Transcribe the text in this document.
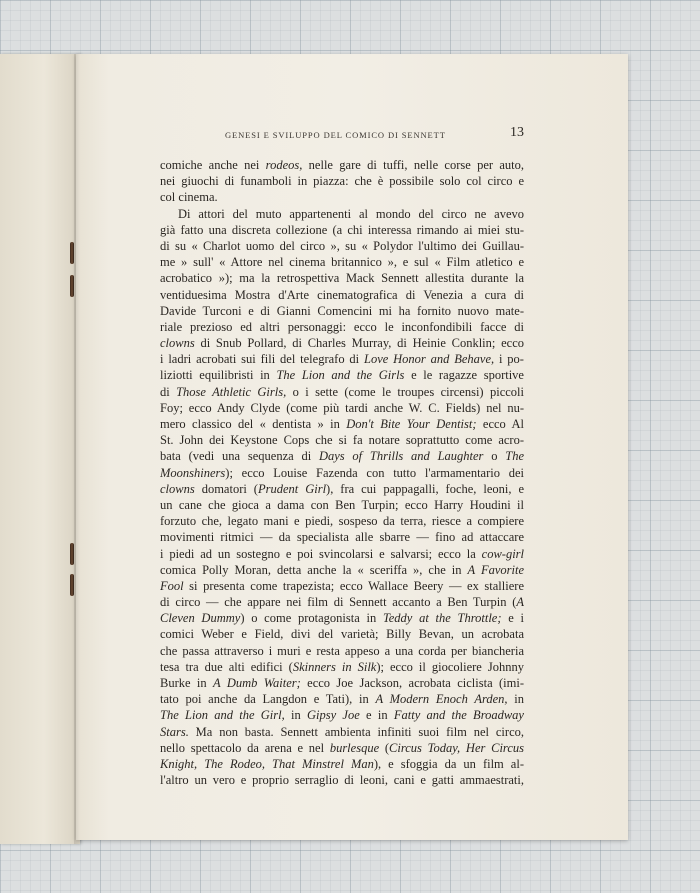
GENESI E SVILUPPO DEL COMICO DI SENNETT	13
comiche anche nei rodeos, nelle gare di tuffi, nelle corse per auto,
nei giuochi di funamboli in piazza: che è possibile solo col circo e
col cinema.
Di attori del muto appartenenti al mondo del circo ne avevo
già fatto una discreta collezione (a chi interessa rimando ai miei stu-
di su « Charlot uomo del circo », su « Polydor l'ultimo dei Guillau-
me » sull' « Attore nel cinema britannico », e sul « Film atletico e
acrobatico »); ma la retrospettiva Mack Sennett allestita durante la
ventiduesima Mostra d'Arte cinematografica di Venezia a cura di
Davide Turconi e di Gianni Comencini mi ha fornito nuovo mate-
riale prezioso ed altri personaggi: ecco le inconfondibili facce di
clowns di Snub Pollard, di Charles Murray, di Heinie Conklin; ecco
i ladri acrobati sui fili del telegrafo di Love Honor and Behave, i po-
liziotti equilibristi in The Lion and the Girls e le ragazze sportive
di Those Athletic Girls, o i sette (come le troupes circensi) piccoli
Foy; ecco Andy Clyde (come più tardi anche W. C. Fields) nel nu-
mero classico del « dentista » in Don't Bite Your Dentist; ecco Al
St. John dei Keystone Cops che si fa notare soprattutto come acro-
bata (vedi una sequenza di Days of Thrills and Laughter o The
Moonshiners); ecco Louise Fazenda con tutto l'armamentario dei
clowns domatori (Prudent Girl), fra cui pappagalli, foche, leoni, e
un cane che gioca a dama con Ben Turpin; ecco Harry Houdini il
forzuto che, legato mani e piedi, sospeso da terra, riesce a compiere
movimenti ritmici — da specialista alle sbarre — fino ad attaccare
i piedi ad un sostegno e poi svincolarsi e salvarsi; ecco la cow-girl
comica Polly Moran, detta anche la « sceriffa », che in A Favorite
Fool si presenta come trapezista; ecco Wallace Beery — ex stalliere
di circo — che appare nei film di Sennett accanto a Ben Turpin (A
Cleven Dummy) o come protagonista in Teddy at the Throttle; e i
comici Weber e Field, divi del varietà; Billy Bevan, un acrobata
che passa attraverso i muri e resta appeso a una corda per biancheria
tesa tra due alti edifici (Skinners in Silk); ecco il giocoliere Johnny
Burke in A Dumb Waiter; ecco Joe Jackson, acrobata ciclista (imi-
tato poi anche da Langdon e Tati), in A Modern Enoch Arden, in
The Lion and the Girl, in Gipsy Joe e in Fatty and the Broadway
Stars. Ma non basta. Sennett ambienta infiniti suoi film nel circo,
nello spettacolo da arena e nel burlesque (Circus Today, Her Circus
Knight, The Rodeo, That Minstrel Man), e sfoggia da un film al-
l'altro un vero e proprio serraglio di leoni, cani e gatti ammaestrati,
